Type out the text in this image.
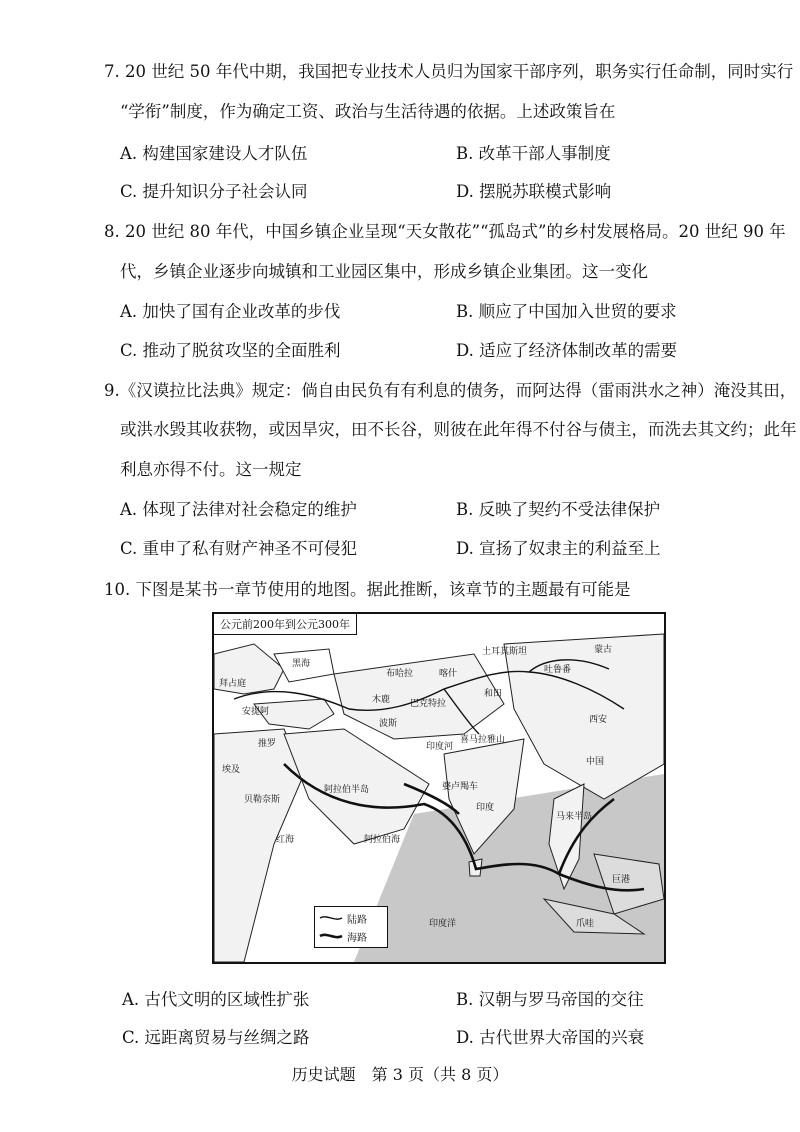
7. 20 世纪 50 年代中期，我国把专业技术人员归为国家干部序列，职务实行任命制，同时实行
“学衔”制度，作为确定工资、政治与生活待遇的依据。上述政策旨在
A. 构建国家建设人才队伍	B. 改革干部人事制度
C. 提升知识分子社会认同	D. 摆脱苏联模式影响
8. 20 世纪 80 年代，中国乡镇企业呈现“天女散花”“孤岛式”的乡村发展格局。20 世纪 90 年
代，乡镇企业逐步向城镇和工业园区集中，形成乡镇企业集团。这一变化
A. 加快了国有企业改革的步伐	B. 顺应了中国加入世贸的要求
C. 推动了脱贫攻坚的全面胜利	D. 适应了经济体制改革的需要
9.《汉谟拉比法典》规定：倘自由民负有有利息的债务，而阿达得（雷雨洪水之神）淹没其田，
或洪水毁其收获物，或因旱灾，田不长谷，则彼在此年得不付谷与债主，而洗去其文约；此年
利息亦得不付。这一规定
A. 体现了法律对社会稳定的维护	B. 反映了契约不受法律保护
C. 重申了私有财产神圣不可侵犯	D. 宣扬了奴隶主的利益至上
10. 下图是某书一章节使用的地图。据此推断，该章节的主题最有可能是
公元前200年到公元300年
拜占庭
黑海
安提阿
推罗
埃及
贝勒奈斯
红海
阿拉伯半岛
波斯
木鹿 巴克特拉
布哈拉	喀什
和田
吐鲁番
土耳其斯坦	蒙古
西安
中国
喜马拉雅山
印度河
婆卢羯车
印度
阿拉伯海
马来半岛
印度洋	爪哇
巨港
陆路
海路
A. 古代文明的区域性扩张	B. 汉朝与罗马帝国的交往
C. 远距离贸易与丝绸之路	D. 古代世界大帝国的兴衰
历史试题　第 3 页（共 8 页）
